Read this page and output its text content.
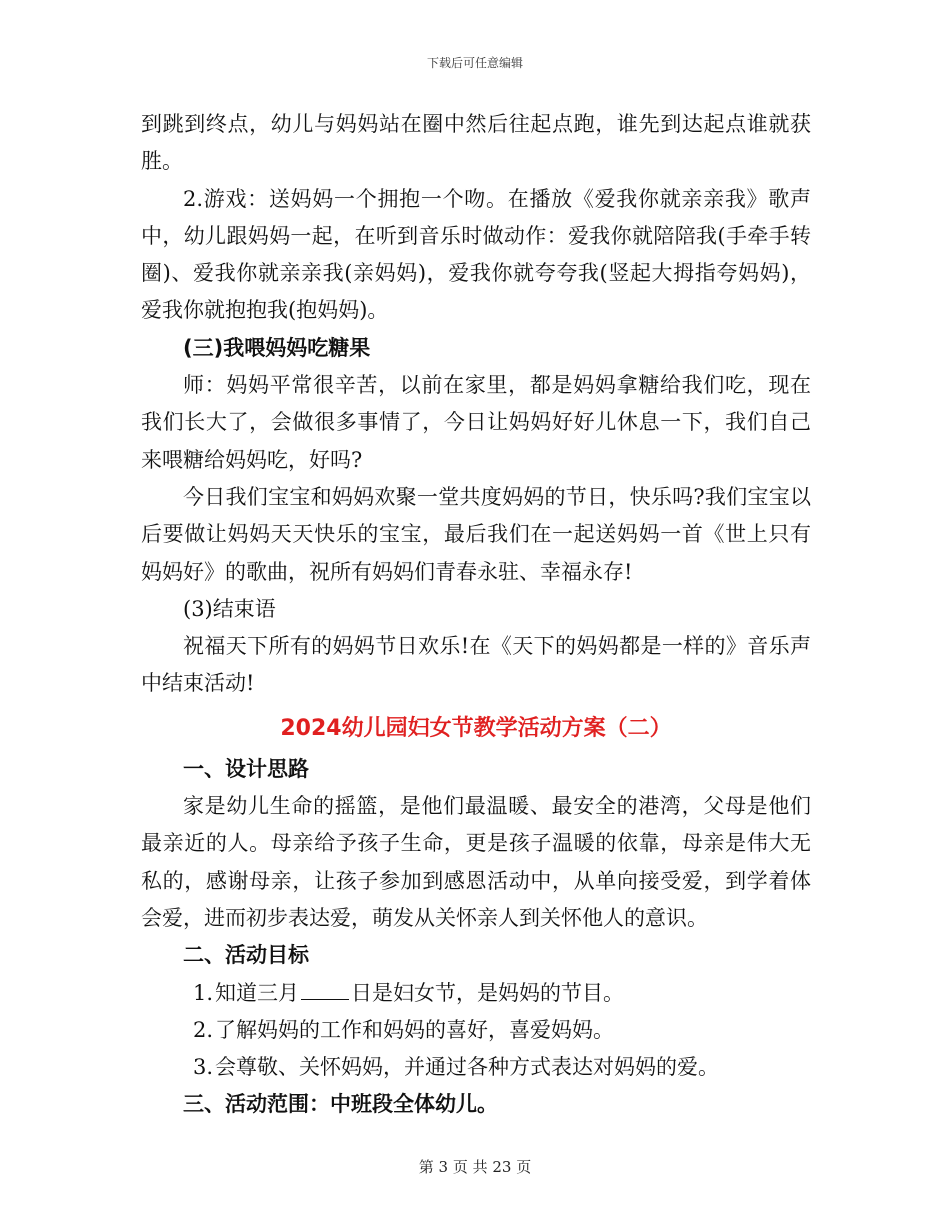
下载后可任意编辑

到跳到终点，幼儿与妈妈站在圈中然后往起点跑，谁先到达起点谁就获胜。

2.游戏：送妈妈一个拥抱一个吻。在播放《爱我你就亲亲我》歌声中，幼儿跟妈妈一起，在听到音乐时做动作：爱我你就陪陪我(手牵手转圈)、爱我你就亲亲我(亲妈妈)，爱我你就夸夸我(竖起大拇指夸妈妈)，爱我你就抱抱我(抱妈妈)。

(三)我喂妈妈吃糖果

师：妈妈平常很辛苦，以前在家里，都是妈妈拿糖给我们吃，现在我们长大了，会做很多事情了，今日让妈妈好好儿休息一下，我们自己来喂糖给妈妈吃，好吗?

今日我们宝宝和妈妈欢聚一堂共度妈妈的节日，快乐吗?我们宝宝以后要做让妈妈天天快乐的宝宝，最后我们在一起送妈妈一首《世上只有妈妈好》的歌曲，祝所有妈妈们青春永驻、幸福永存!

(3)结束语

祝福天下所有的妈妈节日欢乐!在《天下的妈妈都是一样的》音乐声中结束活动!

2024幼儿园妇女节教学活动方案（二）

一、设计思路

家是幼儿生命的摇篮，是他们最温暖、最安全的港湾，父母是他们最亲近的人。母亲给予孩子生命，更是孩子温暖的依靠，母亲是伟大无私的，感谢母亲，让孩子参加到感恩活动中，从单向接受爱，到学着体会爱，进而初步表达爱，萌发从关怀亲人到关怀他人的意识。

二、活动目标

1.知道三月 日是妇女节，是妈妈的节目。

2.了解妈妈的工作和妈妈的喜好，喜爱妈妈。

3.会尊敬、关怀妈妈，并通过各种方式表达对妈妈的爱。

三、活动范围：中班段全体幼儿。

第 3 页 共 23 页
